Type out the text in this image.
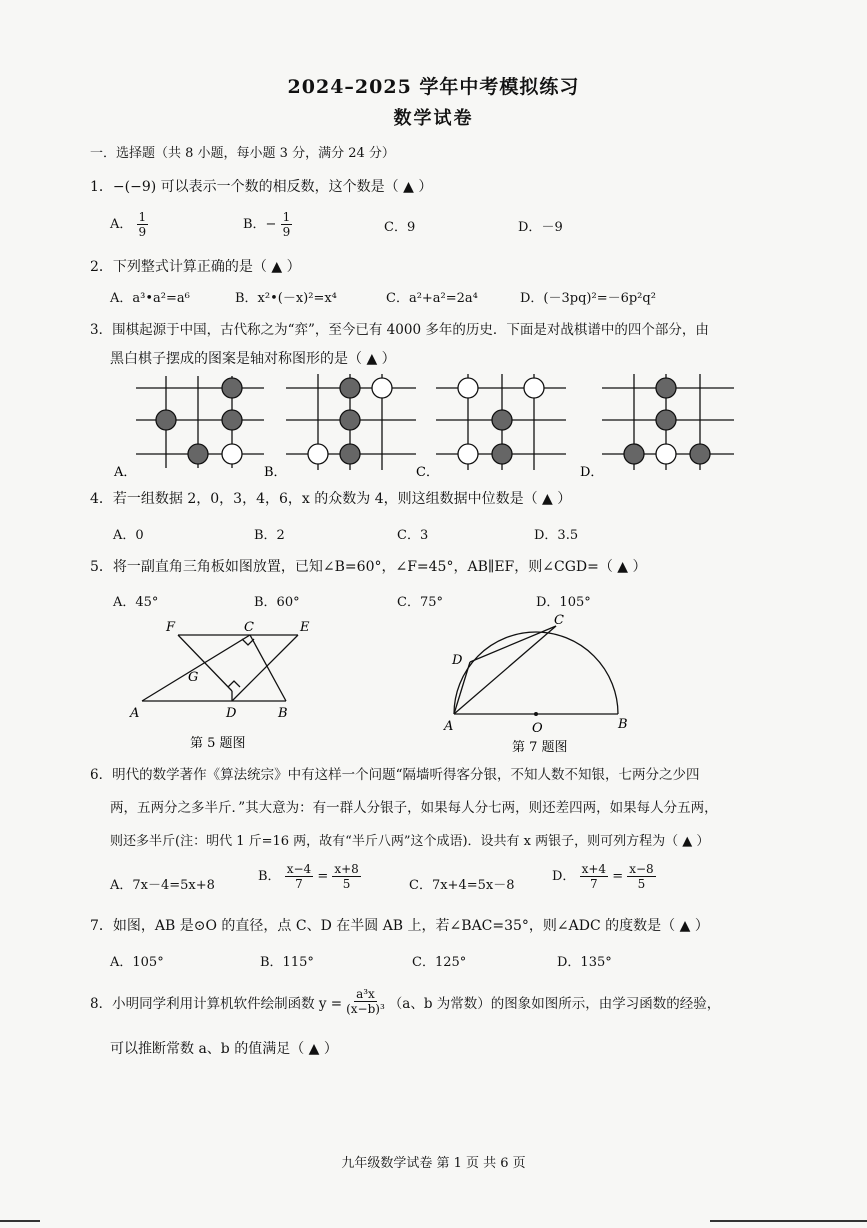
2024–2025 学年中考模拟练习
数学试卷
一．选择题（共 8 小题，每小题 3 分，满分 24 分）
1．−(−9) 可以表示一个数的相反数，这个数是（ ▲ ）
A． $\frac{1}{9}$	B．− $\frac{1}{9}$	C．9	D．－9
2．下列整式计算正确的是（ ▲ ）
A．a³•a²=a⁶	B．x²•(－x)²=x⁴	C．a²+a²=2a⁴	D．(－3pq)²=－6p²q²
3．围棋起源于中国，古代称之为“弈”，至今已有 4000 多年的历史．下面是对战棋谱中的四个部分，由
黑白棋子摆成的图案是轴对称图形的是（ ▲ ）
A．	B．	C．	D．
4．若一组数据 2，0，3，4，6，x 的众数为 4，则这组数据中位数是（ ▲ ）
A．0	B．2	C．3	D．3.5
5．将一副直角三角板如图放置，已知∠B=60°，∠F=45°，AB∥EF，则∠CGD=（ ▲ ）
A．45°	B．60°	C．75°	D．105°
F	C	E
G
A	D	B
第 5 题图
C
D
A	O	B
第 7 题图
6．明代的数学著作《算法统宗》中有这样一个问题“隔墙听得客分银，不知人数不知银，七两分之少四
两，五两分之多半斤．”其大意为：有一群人分银子，如果每人分七两，则还差四两，如果每人分五两，
则还多半斤(注：明代 1 斤=16 两，故有“半斤八两”这个成语)．设共有 x 两银子，则可列方程为（ ▲ ）
A．7x－4=5x+8
B． $\frac{x-4}{7} = \frac{x+8}{5}$	C．7x+4=5x－8
D． $\frac{x+4}{7} = \frac{x-8}{5}$
7．如图，AB 是⊙O 的直径，点 C、D 在半圆 AB 上，若∠BAC=35°，则∠ADC 的度数是（ ▲ ）
A．105°	B．115°	C．125°	D．135°
8．小明同学利用计算机软件绘制函数 $y = \frac{\text{a³x}}{\text{(x−b)³}} (a$、b 为常数）的图象如图所示，由学习函数的经验，
可以推断常数 a、b 的值满足（ ▲ ）
九年级数学试卷 第 1 页 共 6 页
